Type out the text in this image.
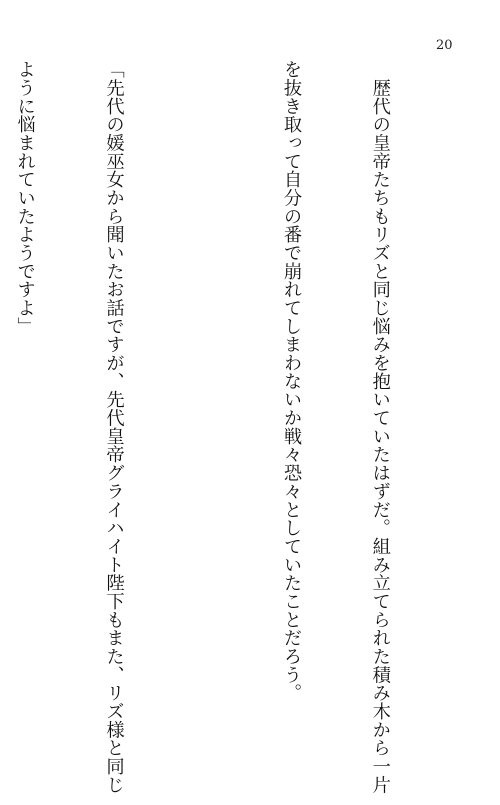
20

　歴代の皇帝たちもリズと同じ悩みを抱いていたはずだ。組み立てられた積み木から一片

を抜き取って自分の番で崩れてしまわないか戦々恐々としていたことだろう。

「先代の媛巫女から聞いたお話ですが、先代皇帝グライハイト陛下もまた、リズ様と同じ

ように悩まれていたようですよ」
